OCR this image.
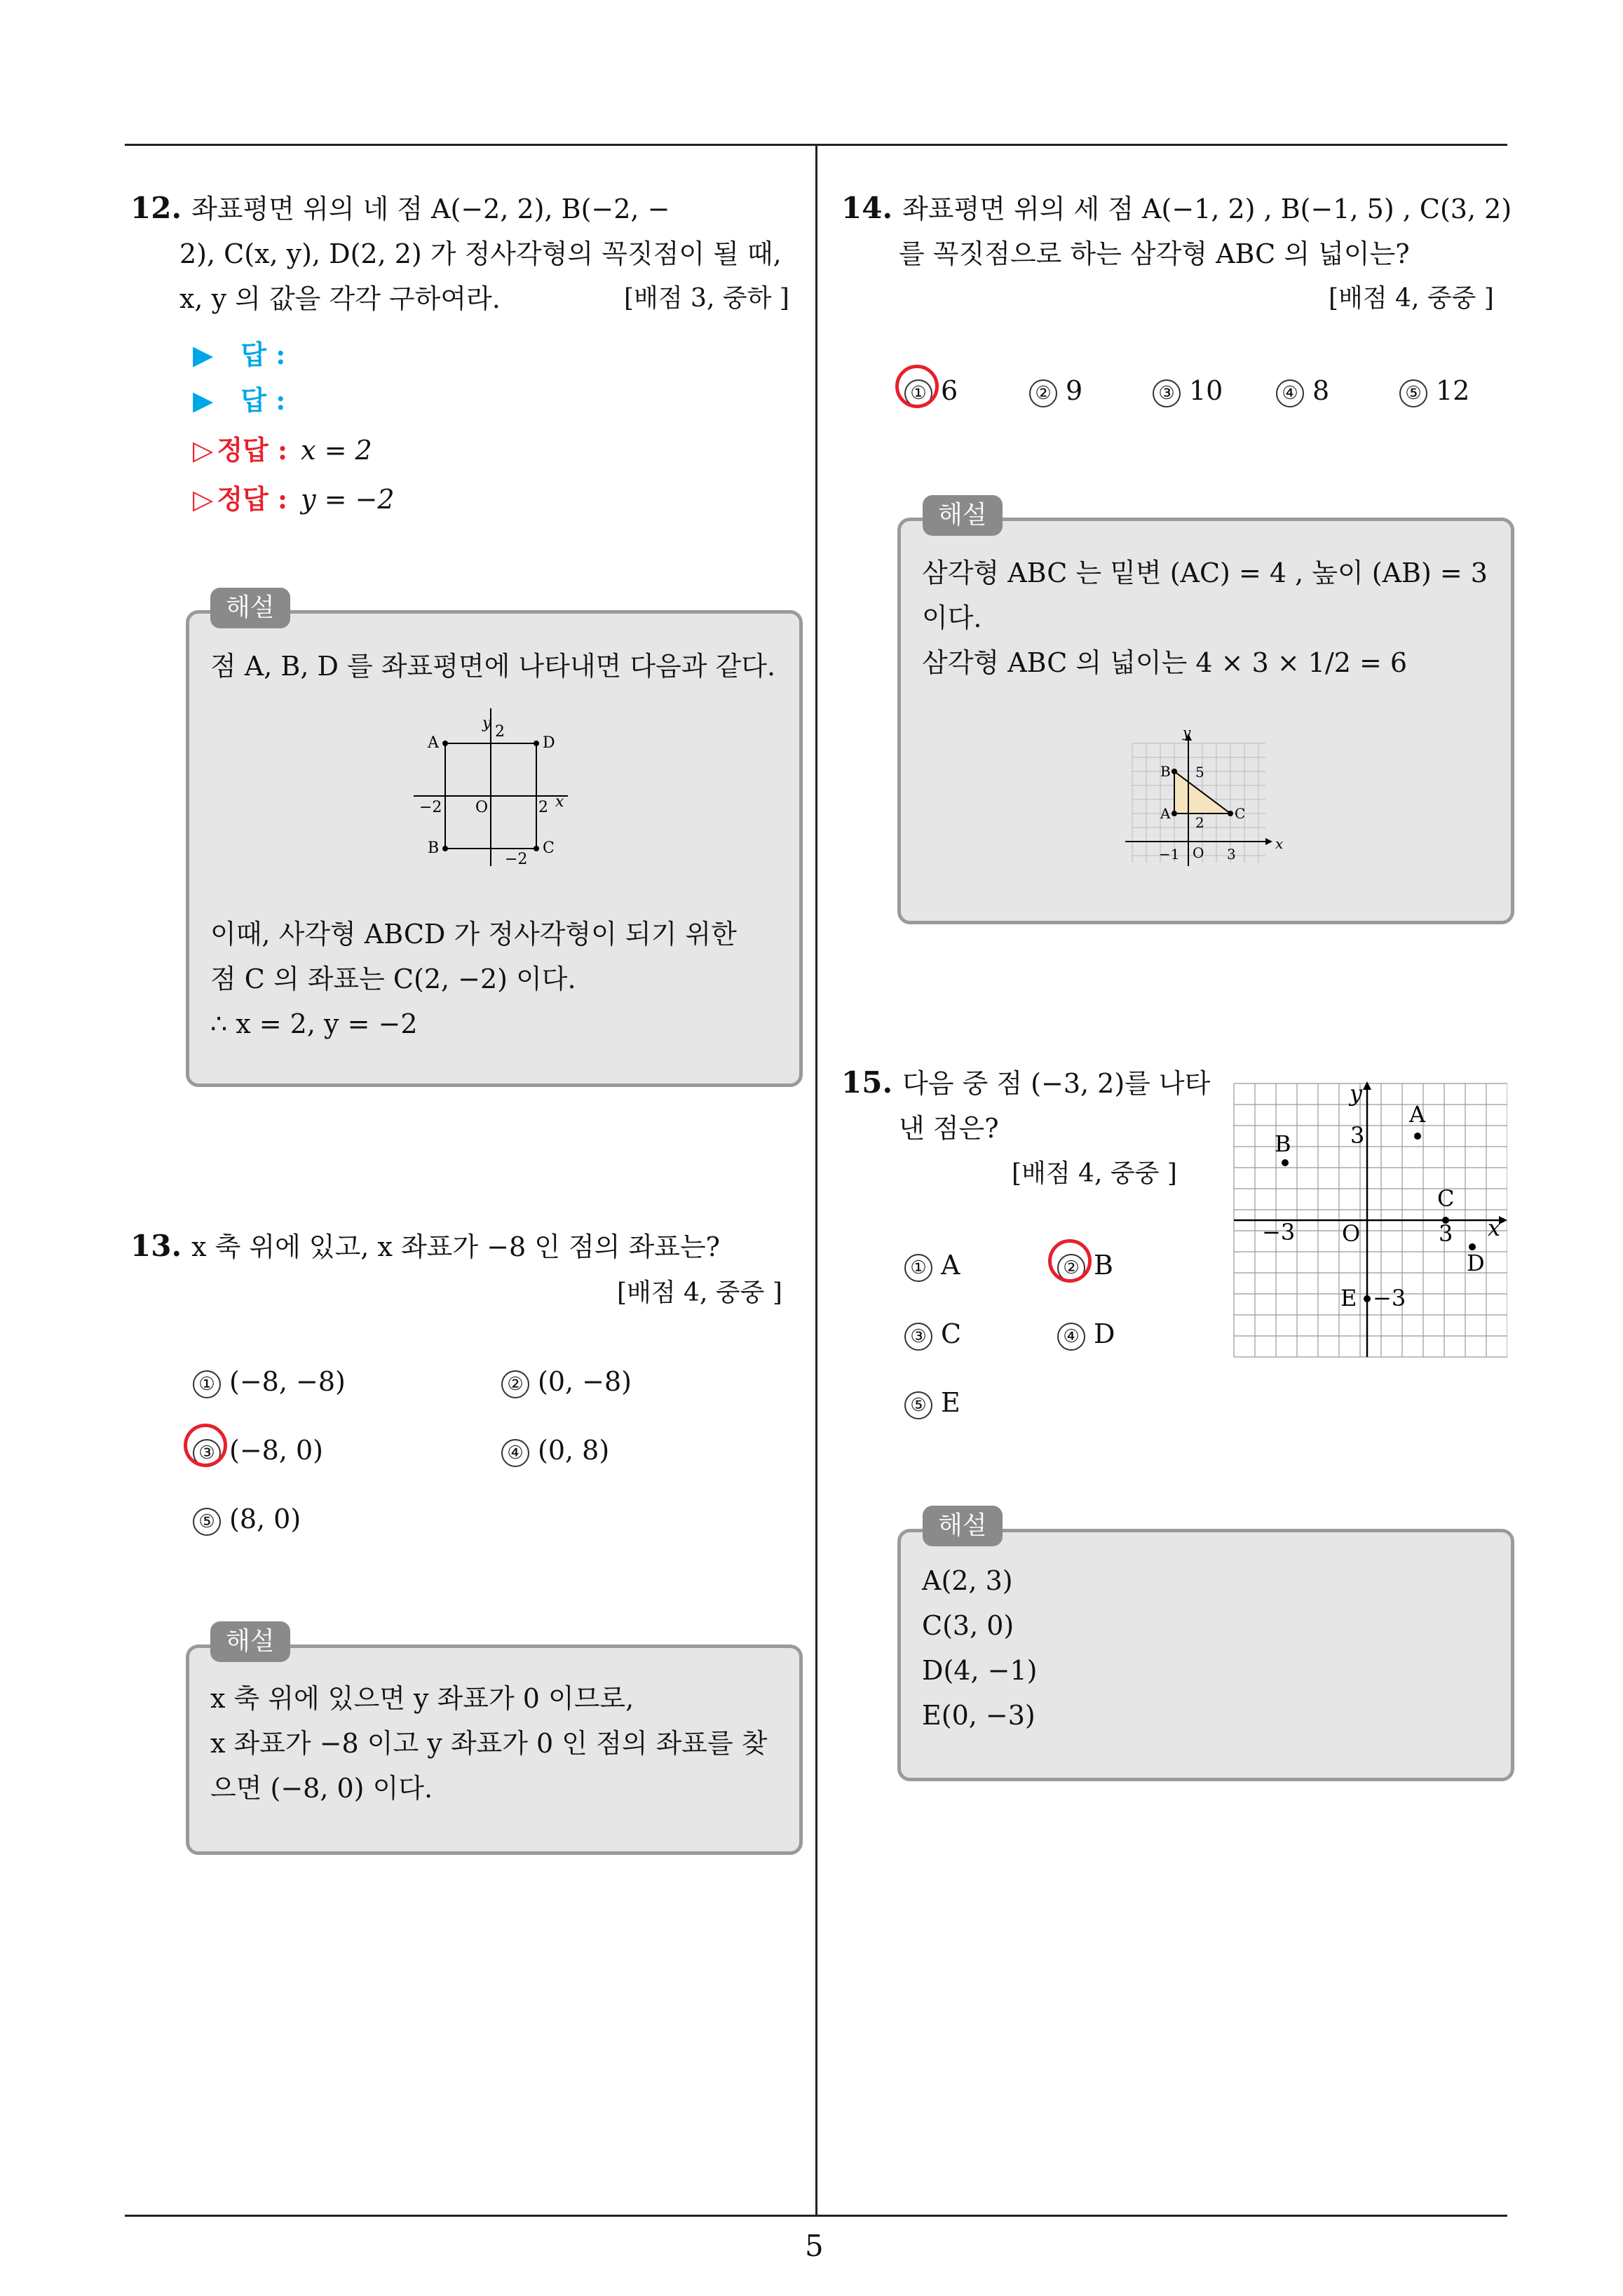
5
12. 좌표평면 위의 네 점 A(−2, 2), B(−2, −
2), C(x, y), D(2, 2) 가 정사각형의 꼭짓점이 될 때,
x, y 의 값을 각각 구하여라.	[배점 3, 중하 ]
▶ 답 :
▶ 답 :
▷ 정답 : x = 2
▷ 정답 : y = −2
해설
점 A, B, D 를 좌표평면에 나타내면 다음과 같다.
y 2
A	D
−2 O	2 x
B	C
−2
이때, 사각형 ABCD 가 정사각형이 되기 위한
점 C 의 좌표는 C(2, −2) 이다.
∴ x = 2, y = −2
13. x 축 위에 있고, x 좌표가 −8 인 점의 좌표는?
[배점 4, 중중 ]
① (−8, −8)	② (0, −8)
③ (−8, 0)	④ (0, 8)
⑤ (8, 0)
해설
x 축 위에 있으면 y 좌표가 0 이므로,
x 좌표가 −8 이고 y 좌표가 0 인 점의 좌표를 찾
으면 (−8, 0) 이다.
14. 좌표평면 위의 세 점 A(−1, 2) , B(−1, 5) , C(3, 2)
를 꼭짓점으로 하는 삼각형 ABC 의 넓이는?
[배점 4, 중중 ]
① 6	② 9	③ 10	④ 8	⑤ 12
해설
삼각형 ABC 는 밑변 (AC) = 4 , 높이 (AB) = 3
이다.
삼각형 ABC 의 넓이는 4 × 3 × 1/2 = 6
y
B 5
A	C
2
−1 O 3
x
15. 다음 중 점 (−3, 2)를 나타
낸 점은?
[배점 4, 중중 ]
① A	② B
③ C	④ D
⑤ E
y
A
3
B
C
−3 O	3 x
D
E −3
해설
A(2, 3)
C(3, 0)
D(4, −1)
E(0, −3)
